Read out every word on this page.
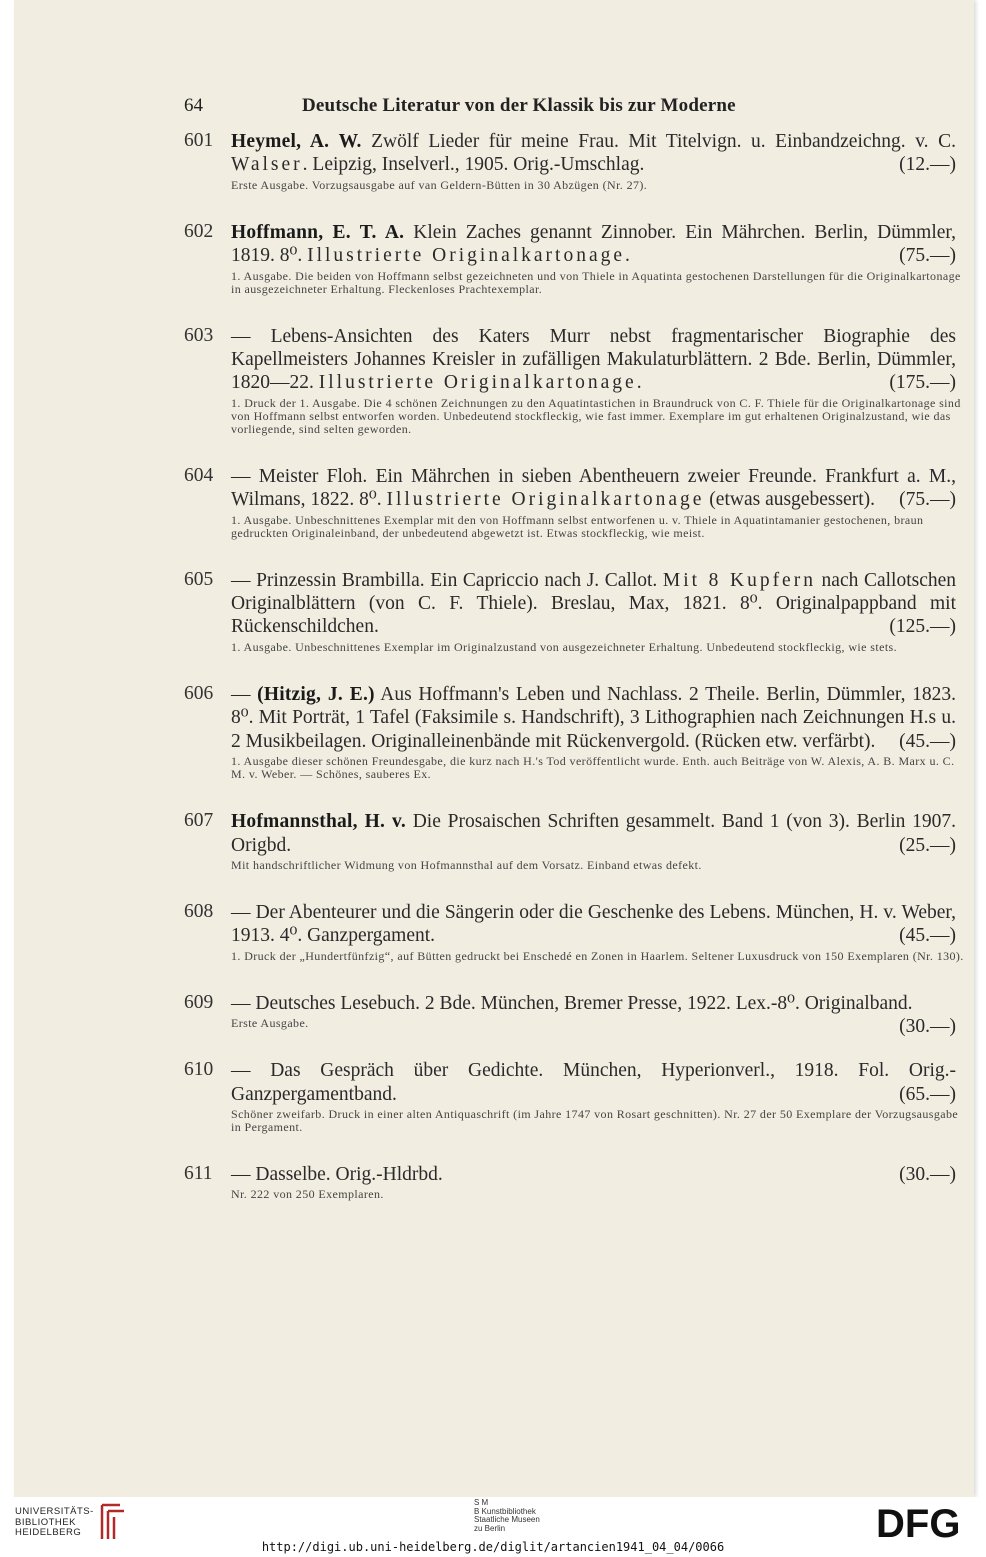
64	Deutsche Literatur von der Klassik bis zur Moderne
601 Heymel, A. W. Zwölf Lieder für meine Frau. Mit Titelvign. u. Einbandzeichng. v. C. Walser. Leipzig, Inselverl., 1905. Orig.-Umschlag.	(12.—)
Erste Ausgabe. Vorzugsausgabe auf van Geldern-Bütten in 30 Abzügen (Nr. 27).
602 Hoffmann, E. T. A. Klein Zaches genannt Zinnober. Ein Mährchen. Berlin, Dümmler, 1819. 8⁰. Illustrierte Originalkartonage.	(75.—)
1. Ausgabe. Die beiden von Hoffmann selbst gezeichneten und von Thiele in Aquatinta gestochenen Darstellungen für die Originalkartonage in ausgezeichneter Erhaltung. Fleckenloses Prachtexemplar.
603 — Lebens-Ansichten des Katers Murr nebst fragmentarischer Biographie des Kapellmeisters Johannes Kreisler in zufälligen Makulaturblättern. 2 Bde. Berlin, Dümmler, 1820—22. Illustrierte Originalkartonage.	(175.—)
1. Druck der 1. Ausgabe. Die 4 schönen Zeichnungen zu den Aquatintastichen in Braundruck von C. F. Thiele für die Originalkartonage sind von Hoffmann selbst entworfen worden. Unbedeutend stockfleckig, wie fast immer. Exemplare im gut erhaltenen Originalzustand, wie das vorliegende, sind selten geworden.
604 — Meister Floh. Ein Mährchen in sieben Abentheuern zweier Freunde. Frankfurt a. M., Wilmans, 1822. 8⁰. Illustrierte Originalkartonage (etwas ausgebessert). (75.—)
1. Ausgabe. Unbeschnittenes Exemplar mit den von Hoffmann selbst entworfenen u. v. Thiele in Aquatintamanier gestochenen, braun gedruckten Originaleinband, der unbedeutend abgewetzt ist. Etwas stockfleckig, wie meist.
605 — Prinzessin Brambilla. Ein Capriccio nach J. Callot. Mit 8 Kupfern nach Callotschen Originalblättern (von C. F. Thiele). Breslau, Max, 1821. 8⁰. Originalpappband mit Rückenschildchen.	(125.—)
1. Ausgabe. Unbeschnittenes Exemplar im Originalzustand von ausgezeichneter Erhaltung. Unbedeutend stockfleckig, wie stets.
606 — (Hitzig, J. E.) Aus Hoffmann's Leben und Nachlass. 2 Theile. Berlin, Dümmler, 1823. 8⁰. Mit Porträt, 1 Tafel (Faksimile s. Handschrift), 3 Lithographien nach Zeichnungen H.s u. 2 Musikbeilagen. Originalleinenbände mit Rückenvergold. (Rücken etw. verfärbt). (45.—)
1. Ausgabe dieser schönen Freundesgabe, die kurz nach H.'s Tod veröffentlicht wurde. Enth. auch Beiträge von W. Alexis, A. B. Marx u. C. M. v. Weber. — Schönes, sauberes Ex.
607 Hofmannsthal, H. v. Die Prosaischen Schriften gesammelt. Band 1 (von 3). Berlin 1907. Origbd.	(25.—)
Mit handschriftlicher Widmung von Hofmannsthal auf dem Vorsatz. Einband etwas defekt.
608 — Der Abenteurer und die Sängerin oder die Geschenke des Lebens. München, H. v. Weber, 1913. 4⁰. Ganzpergament.	(45.—)
1. Druck der „Hundertfünfzig“, auf Bütten gedruckt bei Enschedé en Zonen in Haarlem. Seltener Luxusdruck von 150 Exemplaren (Nr. 130).
609 — Deutsches Lesebuch. 2 Bde. München, Bremer Presse, 1922. Lex.-8⁰. Originalband.
(30.—)
Erste Ausgabe.
610 — Das Gespräch über Gedichte. München, Hyperionverl., 1918. Fol. Orig.-Ganzpergamentband.	(65.—)
Schöner zweifarb. Druck in einer alten Antiquaschrift (im Jahre 1747 von Rosart geschnitten). Nr. 27 der 50 Exemplare der Vorzugsausgabe in Pergament.
611 — Dasselbe. Orig.-Hldrbd.	(30.—)
Nr. 222 von 250 Exemplaren.
UNIVERSITÄTS-
BIBLIOTHEK
HEIDELBERG
S M
B Kunstbibliothek
Staatliche Museen
zu Berlin	DFG
http://digi.ub.uni-heidelberg.de/diglit/artancien1941_04_04/0066
